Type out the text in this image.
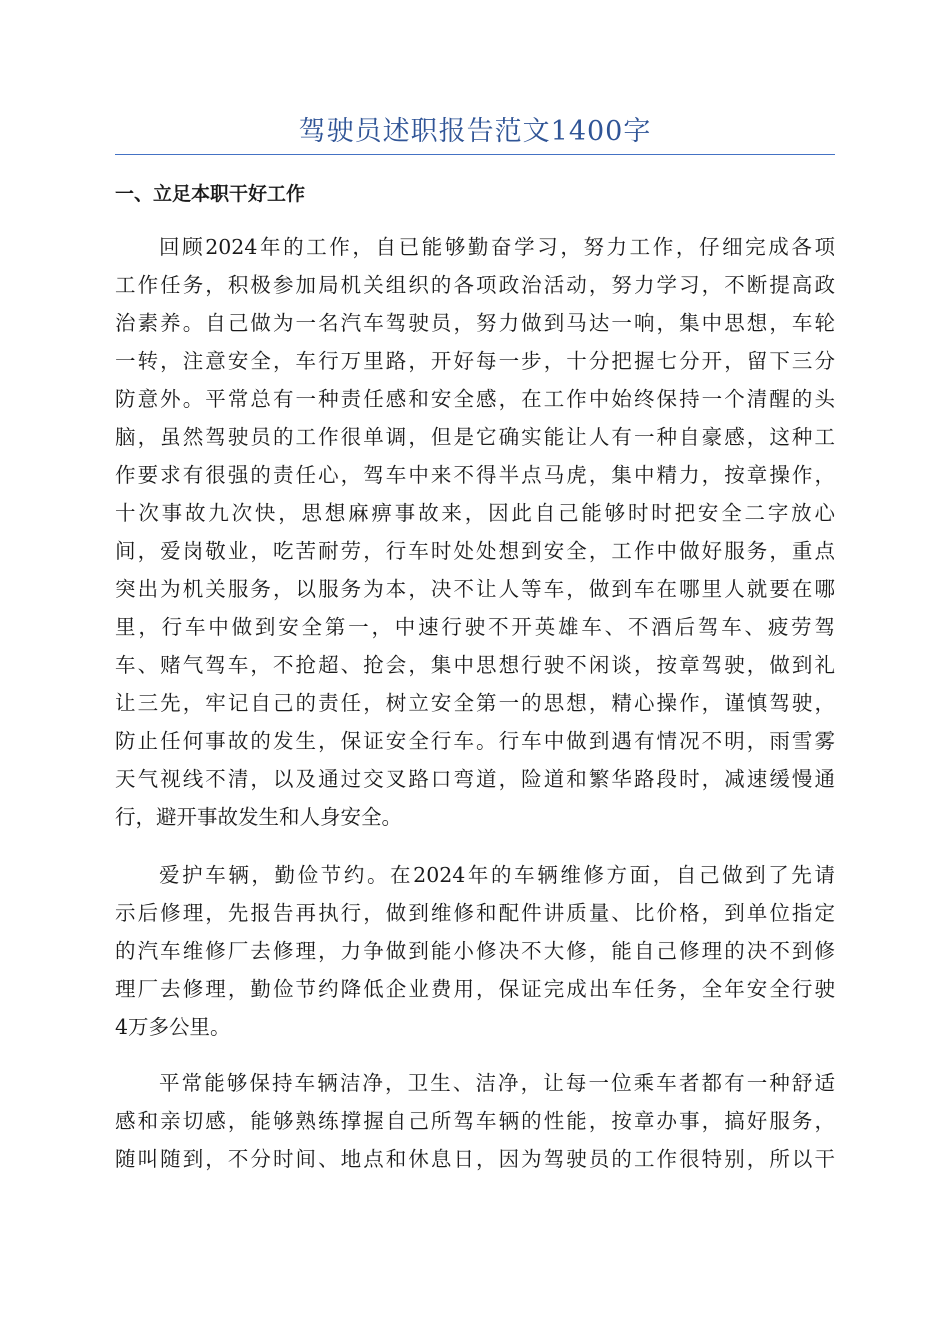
驾驶员述职报告范文1400字
一、立足本职干好工作
回顾2024年的工作，自已能够勤奋学习，努力工作，仔细完成各项
工作任务，积极参加局机关组织的各项政治活动，努力学习，不断提高政
治素养。自己做为一名汽车驾驶员，努力做到马达一响，集中思想，车轮
一转，注意安全，车行万里路，开好每一步，十分把握七分开，留下三分
防意外。平常总有一种责任感和安全感，在工作中始终保持一个清醒的头
脑，虽然驾驶员的工作很单调，但是它确实能让人有一种自豪感，这种工
作要求有很强的责任心，驾车中来不得半点马虎，集中精力，按章操作，
十次事故九次快，思想麻痹事故来，因此自己能够时时把安全二字放心
间，爱岗敬业，吃苦耐劳，行车时处处想到安全，工作中做好服务，重点
突出为机关服务，以服务为本，决不让人等车，做到车在哪里人就要在哪
里，行车中做到安全第一，中速行驶不开英雄车、不酒后驾车、疲劳驾
车、赌气驾车，不抢超、抢会，集中思想行驶不闲谈，按章驾驶，做到礼
让三先，牢记自己的责任，树立安全第一的思想，精心操作，谨慎驾驶，
防止任何事故的发生，保证安全行车。行车中做到遇有情况不明，雨雪雾
天气视线不清，以及通过交叉路口弯道，险道和繁华路段时，减速缓慢通
行，避开事故发生和人身安全。
爱护车辆，勤俭节约。在2024年的车辆维修方面，自己做到了先请
示后修理，先报告再执行，做到维修和配件讲质量、比价格，到单位指定
的汽车维修厂去修理，力争做到能小修决不大修，能自己修理的决不到修
理厂去修理，勤俭节约降低企业费用，保证完成出车任务，全年安全行驶
4万多公里。
平常能够保持车辆洁净，卫生、洁净，让每一位乘车者都有一种舒适
感和亲切感，能够熟练撑握自己所驾车辆的性能，按章办事，搞好服务，
随叫随到，不分时间、地点和休息日，因为驾驶员的工作很特别，所以干
